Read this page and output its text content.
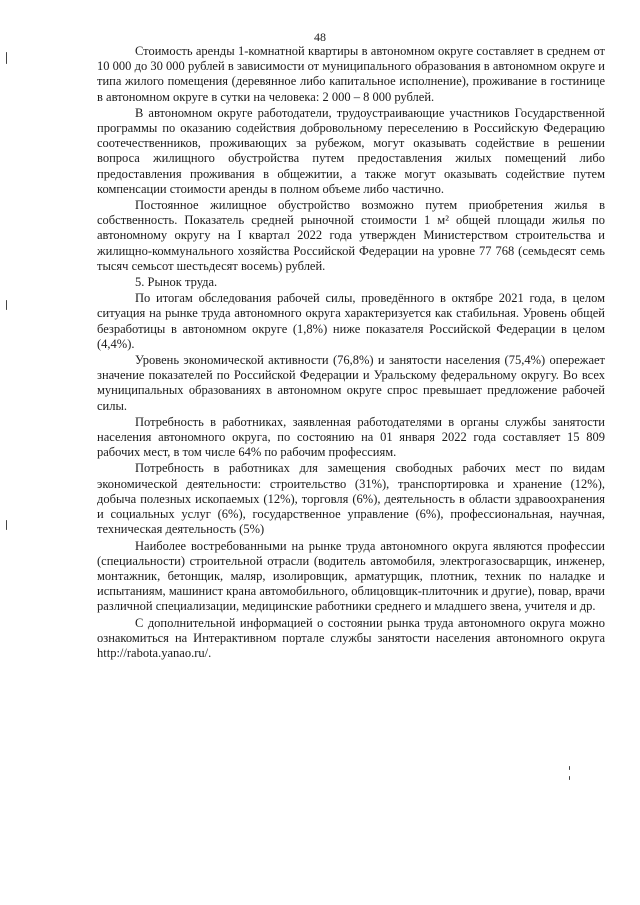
48

Стоимость аренды 1-комнатной квартиры в автономном округе составляет в среднем от 10 000 до 30 000 рублей в зависимости от муниципального образования в автономном округе и типа жилого помещения (деревянное либо капитальное исполнение), проживание в гостинице в автономном округе в сутки на человека: 2 000 – 8 000 рублей.

В автономном округе работодатели, трудоустраивающие участников Государственной программы по оказанию содействия добровольному переселению в Российскую Федерацию соотечественников, проживающих за рубежом, могут оказывать содействие в решении вопроса жилищного обустройства путем предоставления жилых помещений либо предоставления проживания в общежитии, а также могут оказывать содействие путем компенсации стоимости аренды в полном объеме либо частично.

Постоянное жилищное обустройство возможно путем приобретения жилья в собственность. Показатель средней рыночной стоимости 1 м² общей площади жилья по автономному округу на I квартал 2022 года утвержден Министерством строительства и жилищно-коммунального хозяйства Российской Федерации на уровне 77 768 (семьдесят семь тысяч семьсот шестьдесят восемь) рублей.

5. Рынок труда.

По итогам обследования рабочей силы, проведённого в октябре 2021 года, в целом ситуация на рынке труда автономного округа характеризуется как стабильная. Уровень общей безработицы в автономном округе (1,8%) ниже показателя Российской Федерации в целом (4,4%).

Уровень экономической активности (76,8%) и занятости населения (75,4%) опережает значение показателей по Российской Федерации и Уральскому федеральному округу. Во всех муниципальных образованиях в автономном округе спрос превышает предложение рабочей силы.

Потребность в работниках, заявленная работодателями в органы службы занятости населения автономного округа, по состоянию на 01 января 2022 года составляет 15 809 рабочих мест, в том числе 64% по рабочим профессиям.

Потребность в работниках для замещения свободных рабочих мест по видам экономической деятельности: строительство (31%), транспортировка и хранение (12%), добыча полезных ископаемых (12%), торговля (6%), деятельность в области здравоохранения и социальных услуг (6%), государственное управление (6%), профессиональная, научная, техническая деятельность (5%)

Наиболее востребованными на рынке труда автономного округа являются профессии (специальности) строительной отрасли (водитель автомобиля, электрогазосварщик, инженер, монтажник, бетонщик, маляр, изолировщик, арматурщик, плотник, техник по наладке и испытаниям, машинист крана автомобильного, облицовщик-плиточник и другие), повар, врачи различной специализации, медицинские работники среднего и младшего звена, учителя и др.

С дополнительной информацией о состоянии рынка труда автономного округа можно ознакомиться на Интерактивном портале службы занятости населения автономного округа http://rabota.yanao.ru/.
